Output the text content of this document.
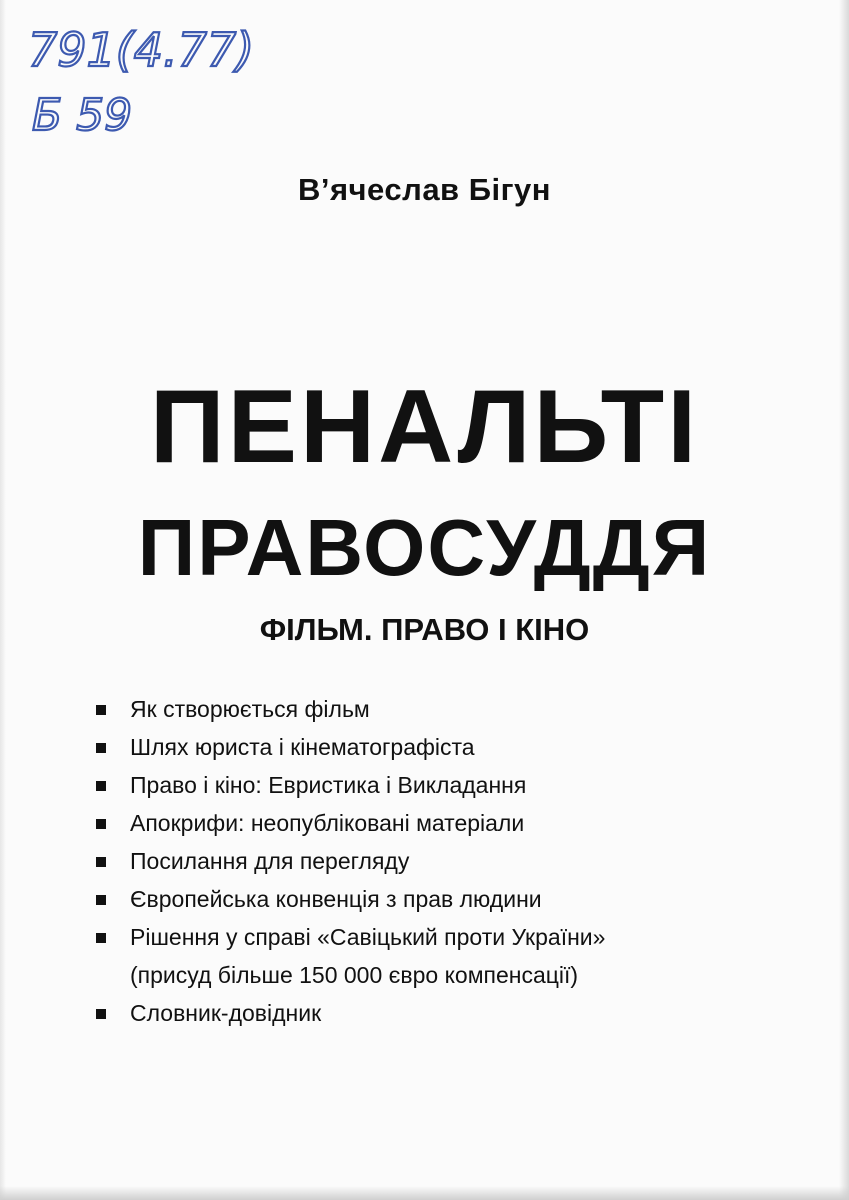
791(4.77)
Б 59
В’ячеслав Бігун
ПЕНАЛЬТІ
ПРАВОСУДДЯ
ФІЛЬМ. ПРАВО І КІНО
Як створюється фільм
Шлях юриста і кінематографіста
Право і кіно: Евристика і Викладання
Апокрифи: неопубліковані матеріали
Посилання для перегляду
Європейська конвенція з прав людини
Рішення у справі «Савіцький проти України»
(присуд більше 150 000 євро компенсації)
Словник-довідник
